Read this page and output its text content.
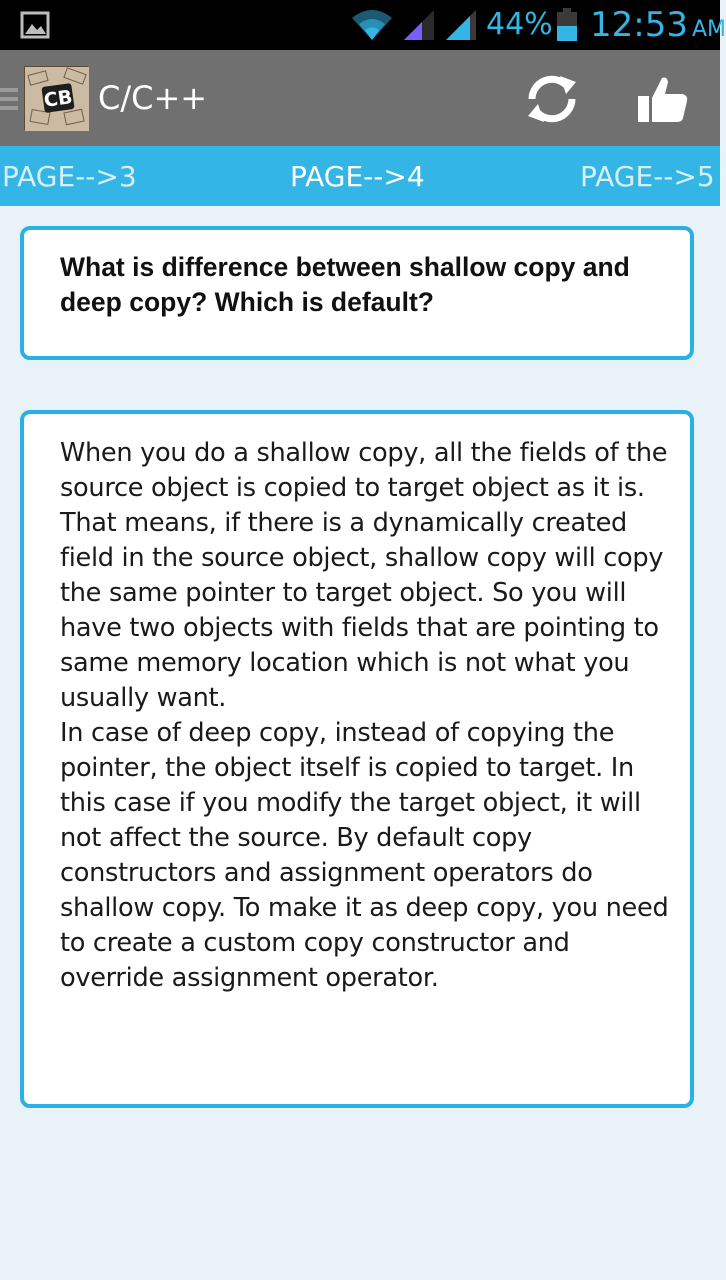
44% 12:53 AM
CB C/C++
PAGE-->3	PAGE-->4	PAGE-->5
What is difference between shallow copy and deep copy? Which is default?

When you do a shallow copy, all the fields of the source object is copied to target object as it is. That means, if there is a dynamically created field in the source object, shallow copy will copy the same pointer to target object. So you will have two objects with fields that are pointing to same memory location which is not what you usually want.

In case of deep copy, instead of copying the pointer, the object itself is copied to target. In this case if you modify the target object, it will not affect the source. By default copy constructors and assignment operators do shallow copy. To make it as deep copy, you need to create a custom copy constructor and override assignment operator.
